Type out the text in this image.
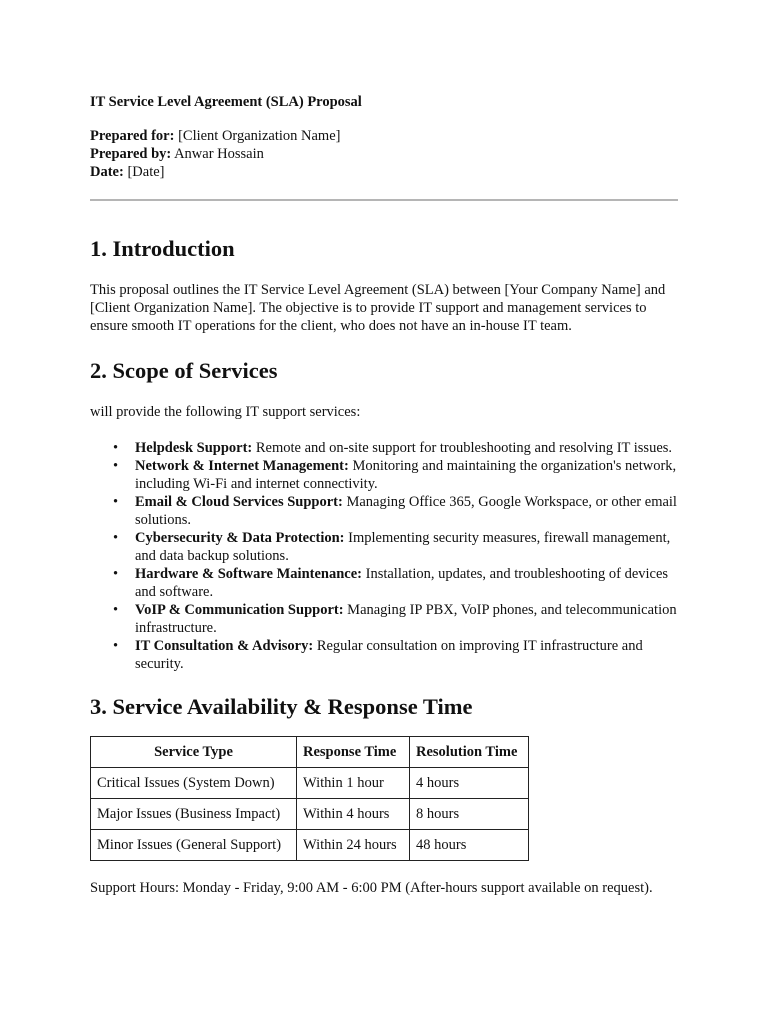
IT Service Level Agreement (SLA) Proposal

Prepared for: [Client Organization Name]
Prepared by: Anwar Hossain
Date: [Date]
1. Introduction

This proposal outlines the IT Service Level Agreement (SLA) between [Your Company Name] and [Client Organization Name]. The objective is to provide IT support and management services to ensure smooth IT operations for the client, who does not have an in-house IT team.

2. Scope of Services

will provide the following IT support services:

• Helpdesk Support: Remote and on-site support for troubleshooting and resolving IT issues.
• Network & Internet Management: Monitoring and maintaining the organization's network, including Wi-Fi and internet connectivity.
• Email & Cloud Services Support: Managing Office 365, Google Workspace, or other email solutions.
• Cybersecurity & Data Protection: Implementing security measures, firewall management, and data backup solutions.
• Hardware & Software Maintenance: Installation, updates, and troubleshooting of devices and software.
• VoIP & Communication Support: Managing IP PBX, VoIP phones, and telecommunication infrastructure.
• IT Consultation & Advisory: Regular consultation on improving IT infrastructure and security.
3. Service Availability & Response Time
Service Type	Response Time	Resolution Time
Critical Issues (System Down)	Within 1 hour	4 hours
Major Issues (Business Impact)	Within 4 hours	8 hours
Minor Issues (General Support)	Within 24 hours	48 hours

Support Hours: Monday - Friday, 9:00 AM - 6:00 PM (After-hours support available on request).
